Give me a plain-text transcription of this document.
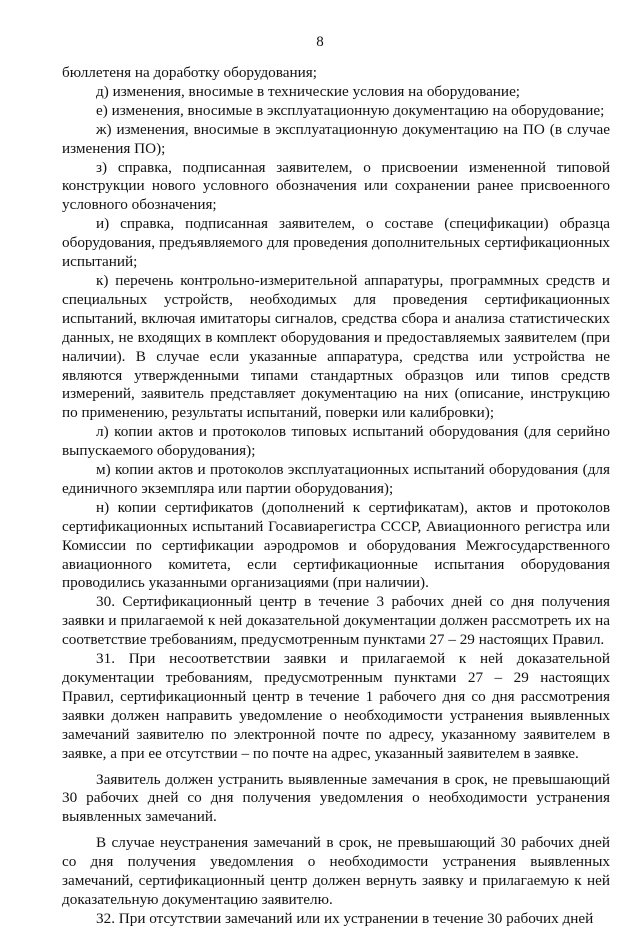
8

бюллетеня на доработку оборудования;

д) изменения, вносимые в технические условия на оборудование;

е) изменения, вносимые в эксплуатационную документацию на оборудование;

ж) изменения, вносимые в эксплуатационную документацию на ПО (в случае изменения ПО);

з) справка, подписанная заявителем, о присвоении измененной типовой конструкции нового условного обозначения или сохранении ранее присвоенного условного обозначения;

и) справка, подписанная заявителем, о составе (спецификации) образца оборудования, предъявляемого для проведения дополнительных сертификационных испытаний;

к) перечень контрольно-измерительной аппаратуры, программных средств и специальных устройств, необходимых для проведения сертификационных испытаний, включая имитаторы сигналов, средства сбора и анализа статистических данных, не входящих в комплект оборудования и предоставляемых заявителем (при наличии). В случае если указанные аппаратура, средства или устройства не являются утвержденными типами стандартных образцов или типов средств измерений, заявитель представляет документацию на них (описание, инструкцию по применению, результаты испытаний, поверки или калибровки);

л) копии актов и протоколов типовых испытаний оборудования (для серийно выпускаемого оборудования);

м) копии актов и протоколов эксплуатационных испытаний оборудования (для единичного экземпляра или партии оборудования);

н) копии сертификатов (дополнений к сертификатам), актов и протоколов сертификационных испытаний Госавиарегистра СССР, Авиационного регистра или Комиссии по сертификации аэродромов и оборудования Межгосударственного авиационного комитета, если сертификационные испытания оборудования проводились указанными организациями (при наличии).

30. Сертификационный центр в течение 3 рабочих дней со дня получения заявки и прилагаемой к ней доказательной документации должен рассмотреть их на соответствие требованиям, предусмотренным пунктами 27 – 29 настоящих Правил.

31. При несоответствии заявки и прилагаемой к ней доказательной документации требованиям, предусмотренным пунктами 27 – 29 настоящих Правил, сертификационный центр в течение 1 рабочего дня со дня рассмотрения заявки должен направить уведомление о необходимости устранения выявленных замечаний заявителю по электронной почте по адресу, указанному заявителем в заявке, а при ее отсутствии – по почте на адрес, указанный заявителем в заявке.

Заявитель должен устранить выявленные замечания в срок, не превышающий 30 рабочих дней со дня получения уведомления о необходимости устранения выявленных замечаний.

В случае неустранения замечаний в срок, не превышающий 30 рабочих дней со дня получения уведомления о необходимости устранения выявленных замечаний, сертификационный центр должен вернуть заявку и прилагаемую к ней доказательную документацию заявителю.

32. При отсутствии замечаний или их устранении в течение 30 рабочих дней
